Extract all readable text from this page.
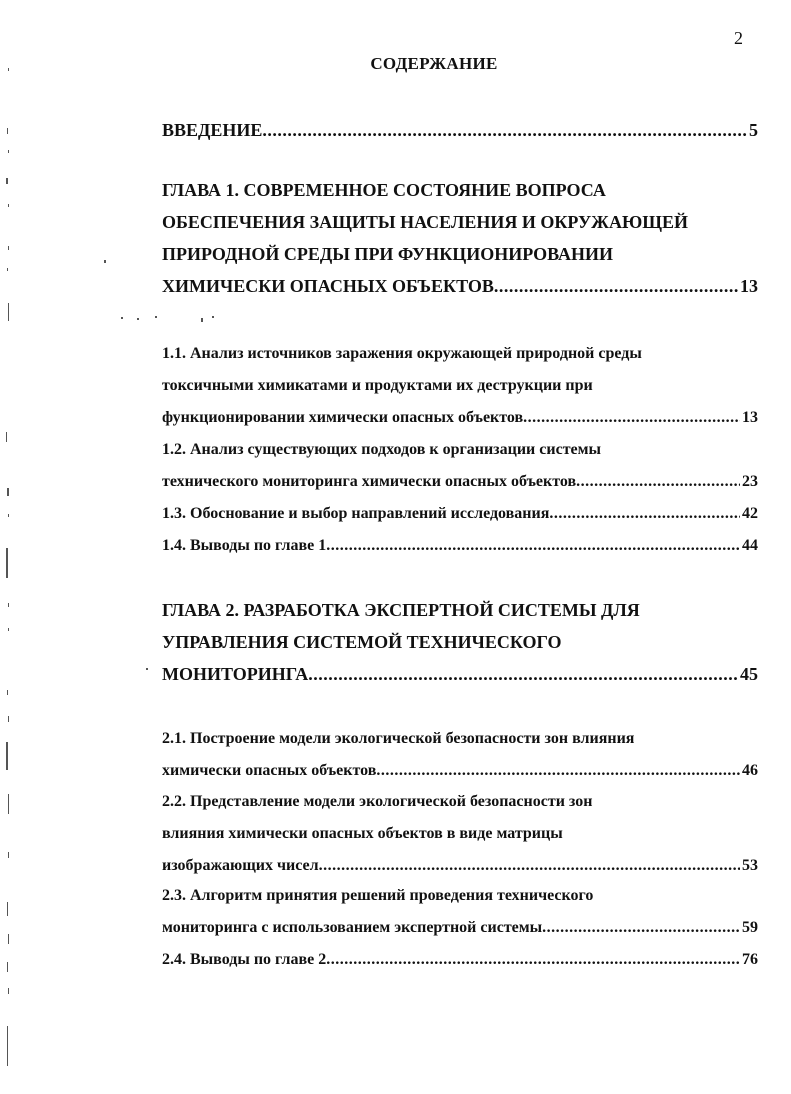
2
СОДЕРЖАНИЕ
ВВЕДЕНИЕ .....	5
ГЛАВА 1. СОВРЕМЕННОЕ СОСТОЯНИЕ ВОПРОСА
ОБЕСПЕЧЕНИЯ ЗАЩИТЫ НАСЕЛЕНИЯ И ОКРУЖАЮЩЕЙ
ПРИРОДНОЙ СРЕДЫ ПРИ ФУНКЦИОНИРОВАНИИ
ХИМИЧЕСКИ ОПАСНЫХ ОБЪЕКТОВ .....	13
1.1. Анализ источников заражения окружающей природной среды
токсичными химикатами и продуктами их деструкции при
функционировании химически опасных объектов .....	13
1.2. Анализ существующих подходов к организации системы
технического мониторинга химически опасных объектов .....	23
1.3. Обоснование и выбор направлений исследования .....	42
1.4. Выводы по главе 1 .....	44
ГЛАВА 2. РАЗРАБОТКА ЭКСПЕРТНОЙ СИСТЕМЫ ДЛЯ
УПРАВЛЕНИЯ СИСТЕМОЙ ТЕХНИЧЕСКОГО
МОНИТОРИНГА .....	45
2.1. Построение модели экологической безопасности зон влияния
химически опасных объектов .....	46
2.2. Представление модели экологической безопасности зон
влияния химически опасных объектов в виде матрицы
изображающих чисел .....	53
2.3. Алгоритм принятия решений проведения технического
мониторинга с использованием экспертной системы .....	59
2.4. Выводы по главе 2 .....	76
